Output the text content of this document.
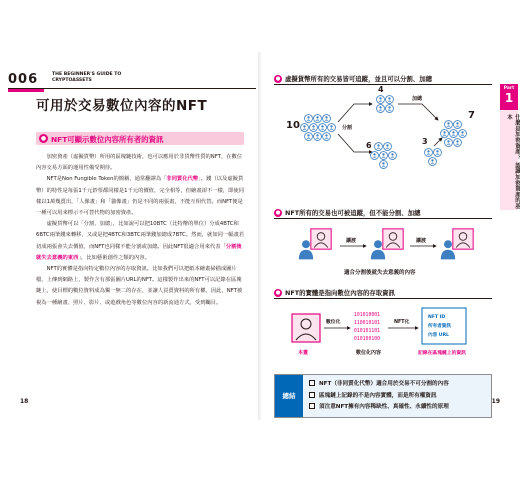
006	THE BEGINNER'S GUIDE TO
CRYPTOASSETS
可用於交易數位內容的NFT
● NFT可顯示數位內容所有者的資訊

加密資產（虛擬貨幣）所用的區塊鏈技術，也可以應用於非貨幣性質的NFT，在數位內容交易方面的運用性備受期待。

NFT是Non Fungible Token的簡稱，通常翻譯為「非同質化代幣」。錢（以及虛擬貨幣）的特性是每張1千元鈔票都同樣是1千元的價值，完全相等，但繪畫卻不一樣，即使同樣以1萬幾賣出，「人像畫」和「貓像畫」仍是不同的兩張畫，不能互相代替。而NFT便是一種可以用來標示不可替代物的加密資產。

虛擬貨幣可以「分割、加總」，比如說可以把10BTC（比特幣的單位）分成4BTC和6BTC兩筆錢來轉移，又或是把4BTC和3BTC兩筆錢加總成7BTC。然而，就如同一幅畫若切成兩張會失去價值，而NFT也同樣不能分割或加總。因此NFT很適合用來代表「分割後就失去意義的東西」，比如藝術創作之類的內容。

NFT的實體是指向特定數位內容的存取資訊。比如我們可以把紙本繪畫掃描成圖片檔，上傳到網路上，製作含有那張圖片URL的NFT。這樣製作出來的NFT可以記錄在區塊鏈上，使目標的數位資料成為獨一無二的存在，並讓人買賣資料的所有權。因此，NFT被視為一種繪畫、照片、影片、或遊戲角色等數位內容的新流通方式，受到矚目。

18
Part
1
什麼是加密資產？ 認識加密資產的基本
● 虛擬貨幣所有的交易皆可追蹤，並且可以分割、加總
10	分割
4
6
加總
3
7
● NFT所有的交易也可被追蹤，但不能分割、加總
讓渡	讓渡
適合分割後就失去意義的內容
● NFT的實體是指向數位內容的存取資訊
本畫
數位化
101010001
110010101
010101101
010100100
數位化內容
NFT化
NFT ID
所有者資訊
內容 URL
記錄在區塊鏈上的資訊
總結
NFT（非同質化代幣）適合用於交易不可分割的內容
區塊鏈上記錄的不是內容實體，而是所有權資訊
須注意NFT擁有內容稀缺性、真確性、永續性的原理
19
